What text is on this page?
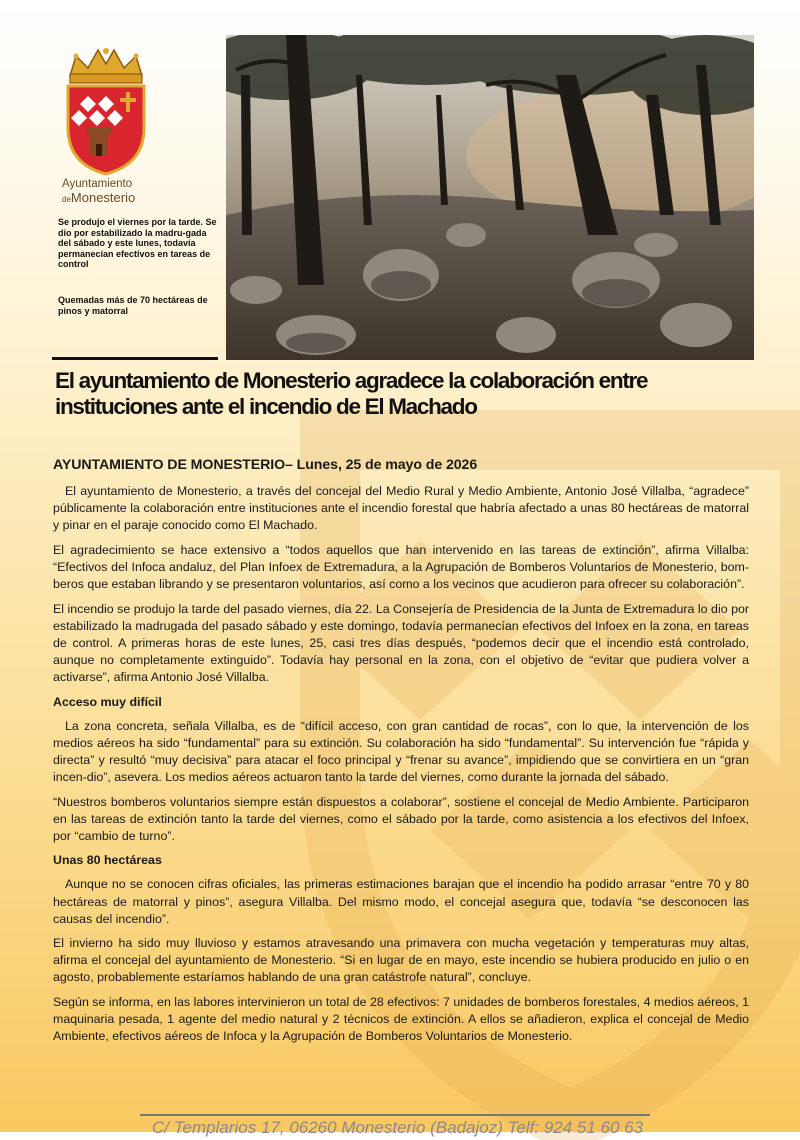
Ayuntamiento
deMonesterio
Se produjo el viernes por la tarde. Se dio por estabilizado la madru-gada del sábado y este lunes, todavía permanecían efectivos en tareas de control
Quemadas más de 70 hectáreas de pinos y matorral
El ayuntamiento de Monesterio agradece la colaboración entre instituciones ante el incendio de El Machado
AYUNTAMIENTO DE MONESTERIO– Lunes, 25 de mayo de 2026

El ayuntamiento de Monesterio, a través del concejal del Medio Rural y Medio Ambiente, Antonio José Villalba, “agradece” públicamente la colaboración entre instituciones ante el incendio forestal que habría afectado a unas 80 hectáreas de matorral y pinar en el paraje conocido como El Machado.

El agradecimiento se hace extensivo a “todos aquellos que han intervenido en las tareas de extinción”, afirma Villalba: “Efectivos del Infoca andaluz, del Plan Infoex de Extremadura, a la Agrupación de Bomberos Voluntarios de Monesterio, bom-beros que estaban librando y se presentaron voluntarios, así como a los vecinos que acudieron para ofrecer su colaboración”.

El incendio se produjo la tarde del pasado viernes, día 22. La Consejería de Presidencia de la Junta de Extremadura lo dio por estabilizado la madrugada del pasado sábado y este domingo, todavía permanecían efectivos del Infoex en la zona, en tareas de control. A primeras horas de este lunes, 25, casi tres días después, “podemos decir que el incendio está controlado, aunque no completamente extinguido”. Todavía hay personal en la zona, con el objetivo de “evitar que pudiera volver a activarse”, afirma Antonio José Villalba.

Acceso muy difícil

La zona concreta, señala Villalba, es de “difícil acceso, con gran cantidad de rocas”, con lo que, la intervención de los medios aéreos ha sido “fundamental” para su extinción. Su colaboración ha sido “fundamental”. Su intervención fue “rápida y directa” y resultó “muy decisiva” para atacar el foco principal y “frenar su avance”, impidiendo que se convirtiera en un “gran incen-dio”, asevera. Los medios aéreos actuaron tanto la tarde del viernes, como durante la jornada del sábado.

“Nuestros bomberos voluntarios siempre están dispuestos a colaborar”, sostiene el concejal de Medio Ambiente. Participaron en las tareas de extinción tanto la tarde del viernes, como el sábado por la tarde, como asistencia a los efectivos del Infoex, por “cambio de turno”.

Unas 80 hectáreas

Aunque no se conocen cifras oficiales, las primeras estimaciones barajan que el incendio ha podido arrasar “entre 70 y 80 hectáreas de matorral y pinos”, asegura Villalba. Del mismo modo, el concejal asegura que, todavía “se desconocen las causas del incendio”.

El invierno ha sido muy lluvioso y estamos atravesando una primavera con mucha vegetación y temperaturas muy altas, afirma el concejal del ayuntamiento de Monesterio. “Si en lugar de en mayo, este incendio se hubiera producido en julio o en agosto, probablemente estaríamos hablando de una gran catástrofe natural”, concluye.

Según se informa, en las labores intervinieron un total de 28 efectivos: 7 unidades de bomberos forestales, 4 medios aéreos, 1 maquinaria pesada, 1 agente del medio natural y 2 técnicos de extinción. A ellos se añadieron, explica el concejal de Medio Ambiente, efectivos aéreos de Infoca y la Agrupación de Bomberos Voluntarios de Monesterio.

C/ Templarios 17, 06260 Monesterio (Badajoz) Telf: 924 51 60 63
